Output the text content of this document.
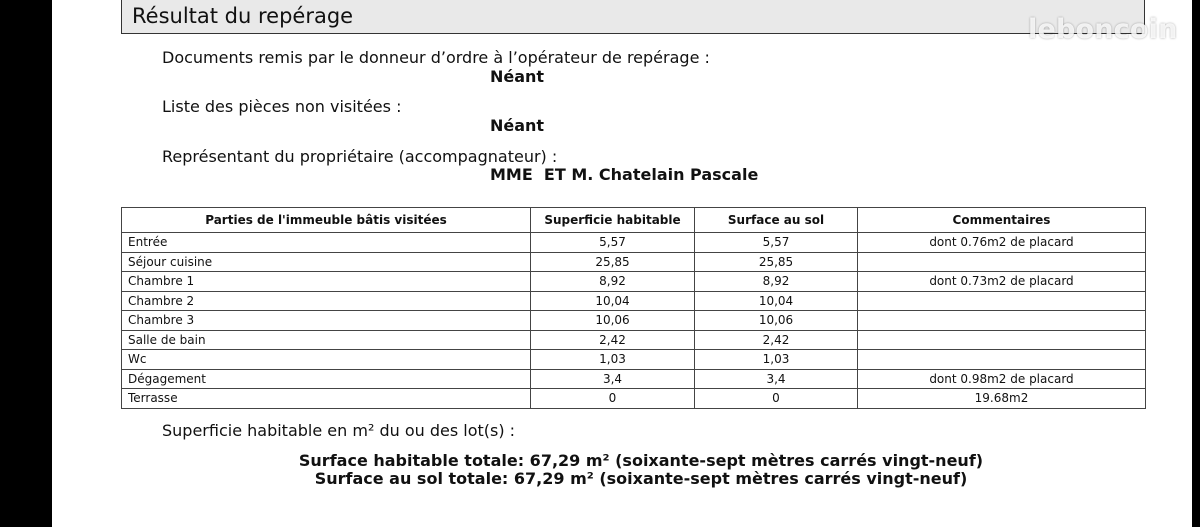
Résultat du repérage	leboncoin
Documents remis par le donneur d’ordre à l’opérateur de repérage :
Néant
Liste des pièces non visitées :
Néant
Représentant du propriétaire (accompagnateur) :
MME  ET M. Chatelain Pascale
Parties de l'immeuble bâtis visitées	Superficie habitable	Surface au sol	Commentaires
Entrée	5,57	5,57	dont 0.76m2 de placard
Séjour cuisine	25,85	25,85	
Chambre 1	8,92	8,92	dont 0.73m2 de placard
Chambre 2	10,04	10,04	
Chambre 3	10,06	10,06	
Salle de bain	2,42	2,42	
Wc	1,03	1,03	
Dégagement	3,4	3,4	dont 0.98m2 de placard
Terrasse	0	0	19.68m2
Superficie habitable en m² du ou des lot(s) :
Surface habitable totale: 67,29 m² (soixante-sept mètres carrés vingt-neuf)
Surface au sol totale: 67,29 m² (soixante-sept mètres carrés vingt-neuf)
